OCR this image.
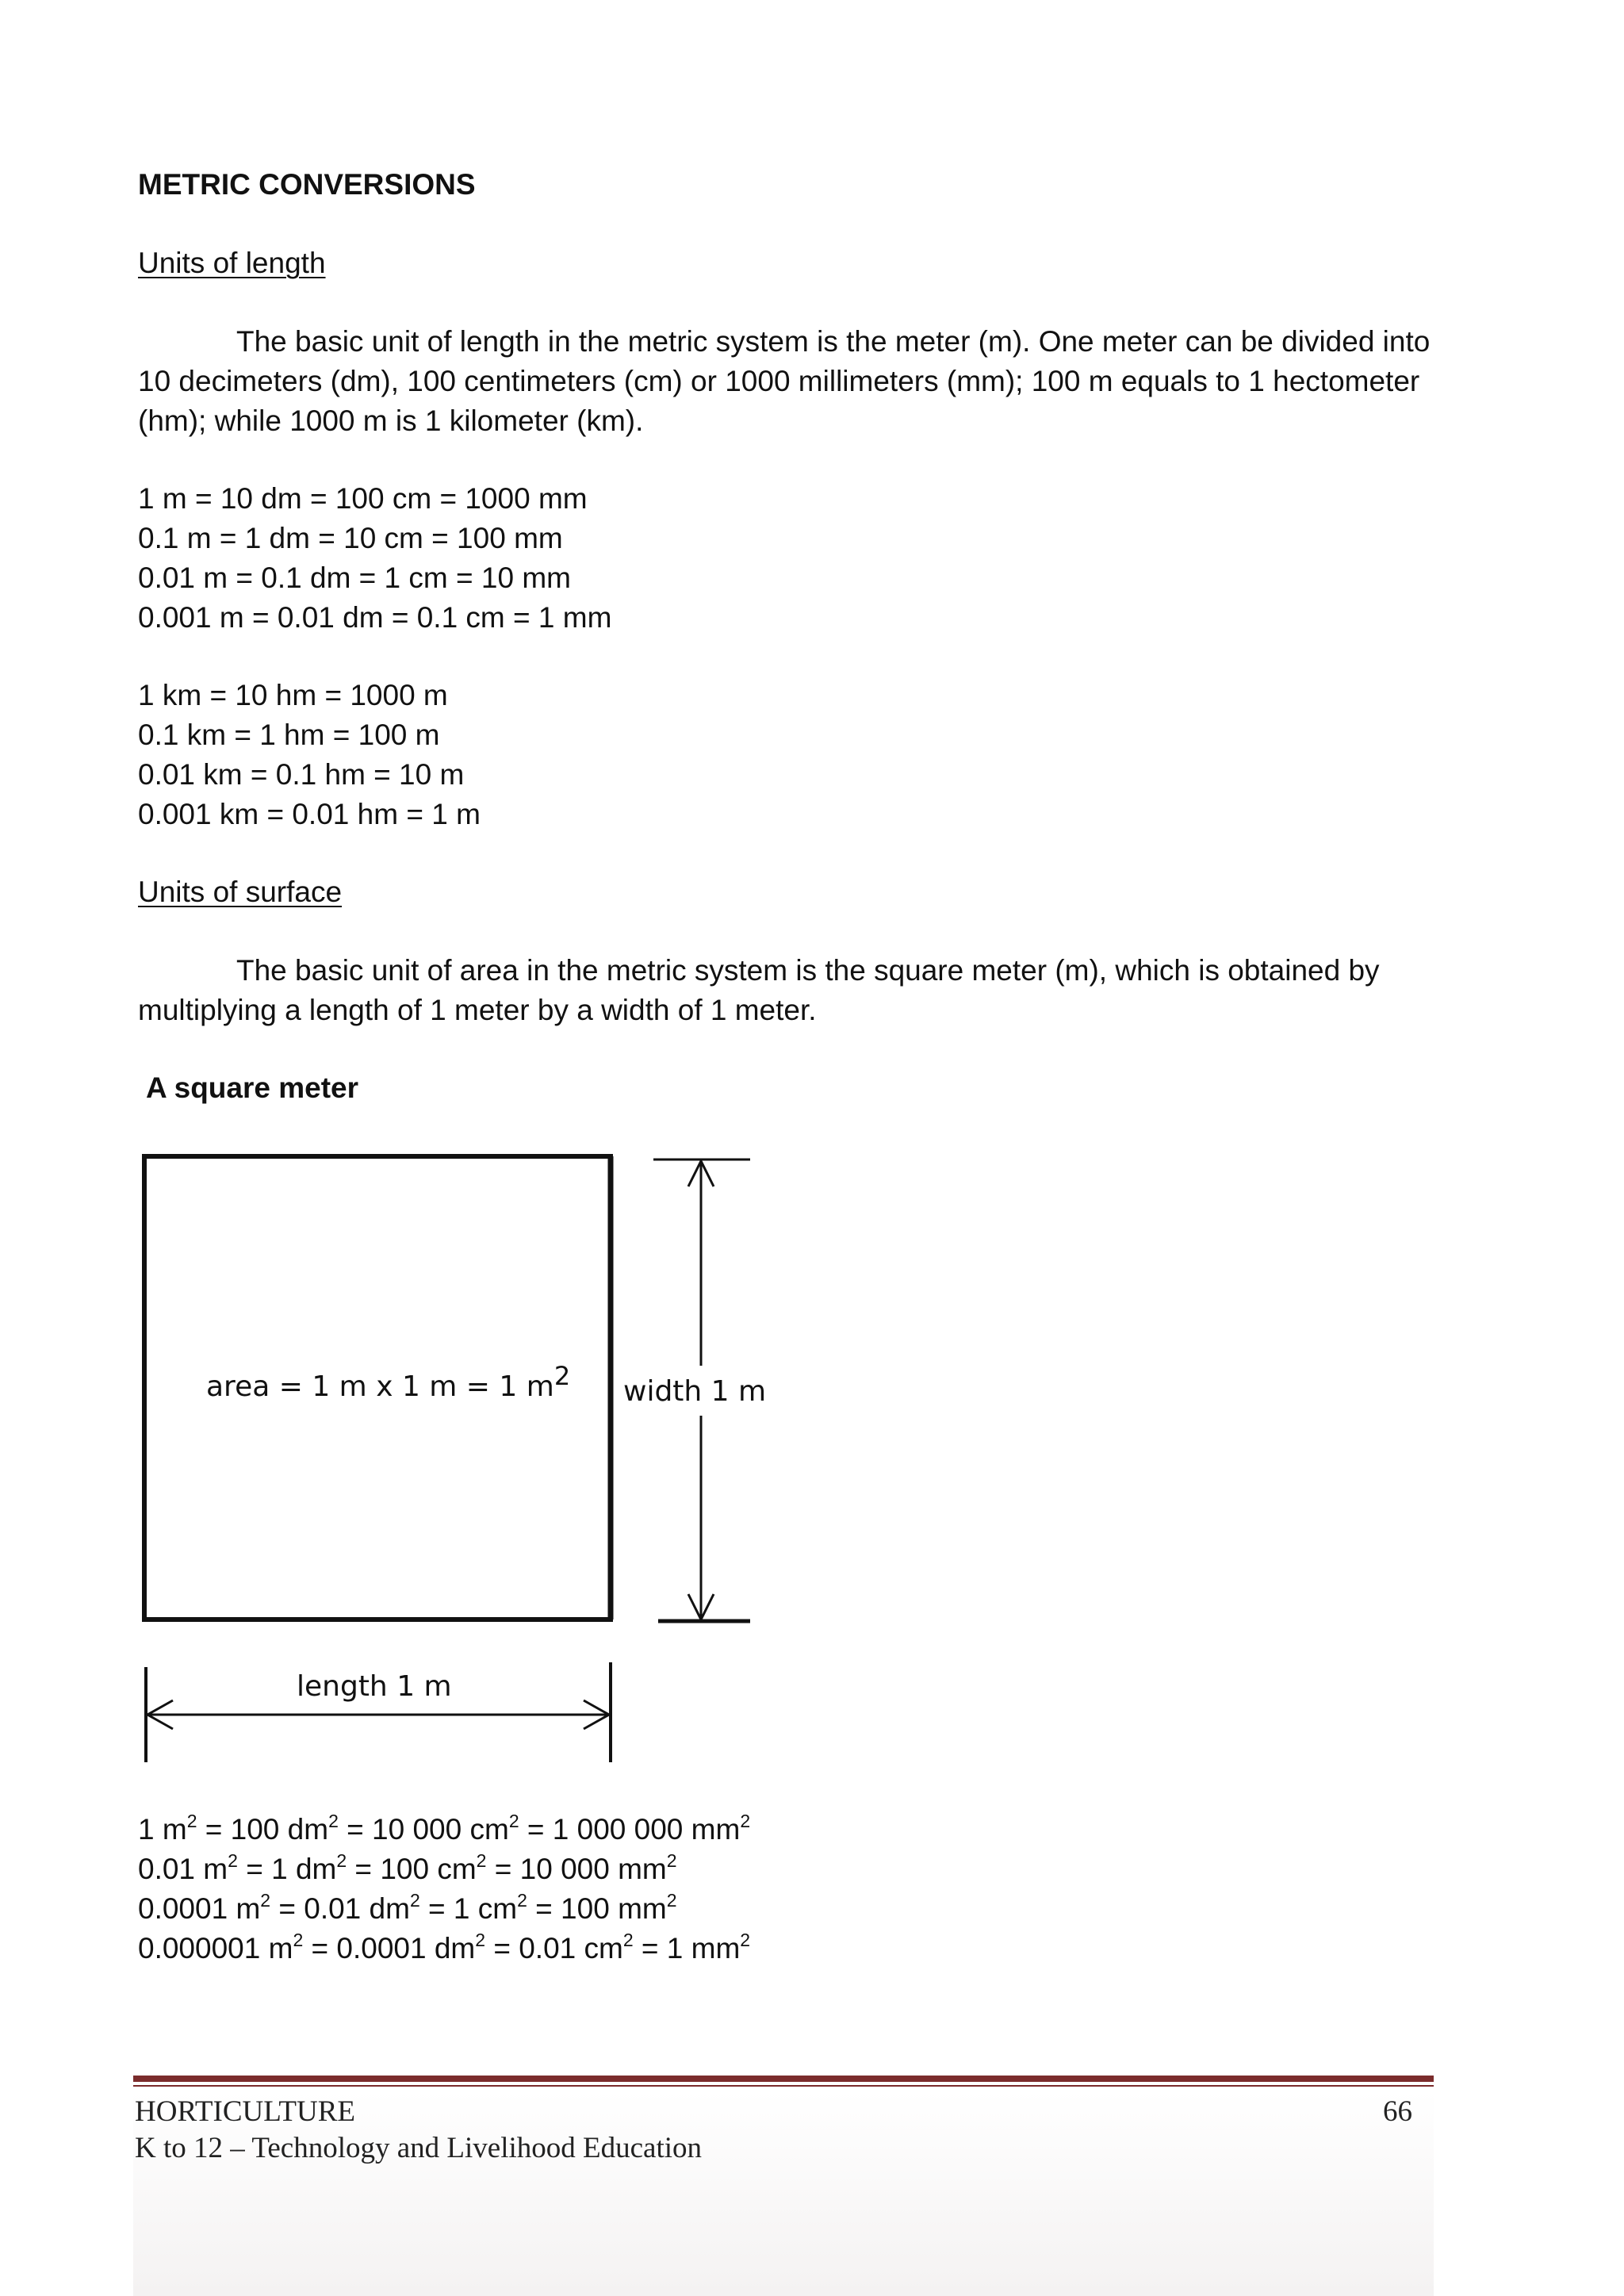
METRIC CONVERSIONS
Units of length

The basic unit of length in the metric system is the meter (m). One meter can be divided into 10 decimeters (dm), 100 centimeters (cm) or 1000 millimeters (mm); 100 m equals to 1 hectometer (hm); while 1000 m is 1 kilometer (km).

1 m = 10 dm = 100 cm = 1000 mm
0.1 m = 1 dm = 10 cm = 100 mm
0.01 m = 0.1 dm = 1 cm = 10 mm
0.001 m = 0.01 dm = 0.1 cm = 1 mm
1 km = 10 hm = 1000 m
0.1 km = 1 hm = 100 m
0.01 km = 0.1 hm = 10 m
0.001 km = 0.01 hm = 1 m
Units of surface

The basic unit of area in the metric system is the square meter (m), which is obtained by multiplying a length of 1 meter by a width of 1 meter.

A square meter
area = 1 m x 1 m = 1 m2 width 1 m
length 1 m
1 $m^2 = 100$ $dm^2 = 10$ 000 $cm^2 = 1$ 000 000 $mm^2$
0.01 $m^2 = 1$ $dm^2 = 100$ $cm^2 = 10$ 000 $mm^2$
0.0001 $m^2 = 0.01$ $dm^2 = 1$ $cm^2 = 100$ $mm^2$
0.000001 $m^2 = 0.0001$ $dm^2 = 0.01$ $cm^2 = 1$ $mm^2$
HORTICULTURE
K to 12 – Technology and Livelihood Education
66
